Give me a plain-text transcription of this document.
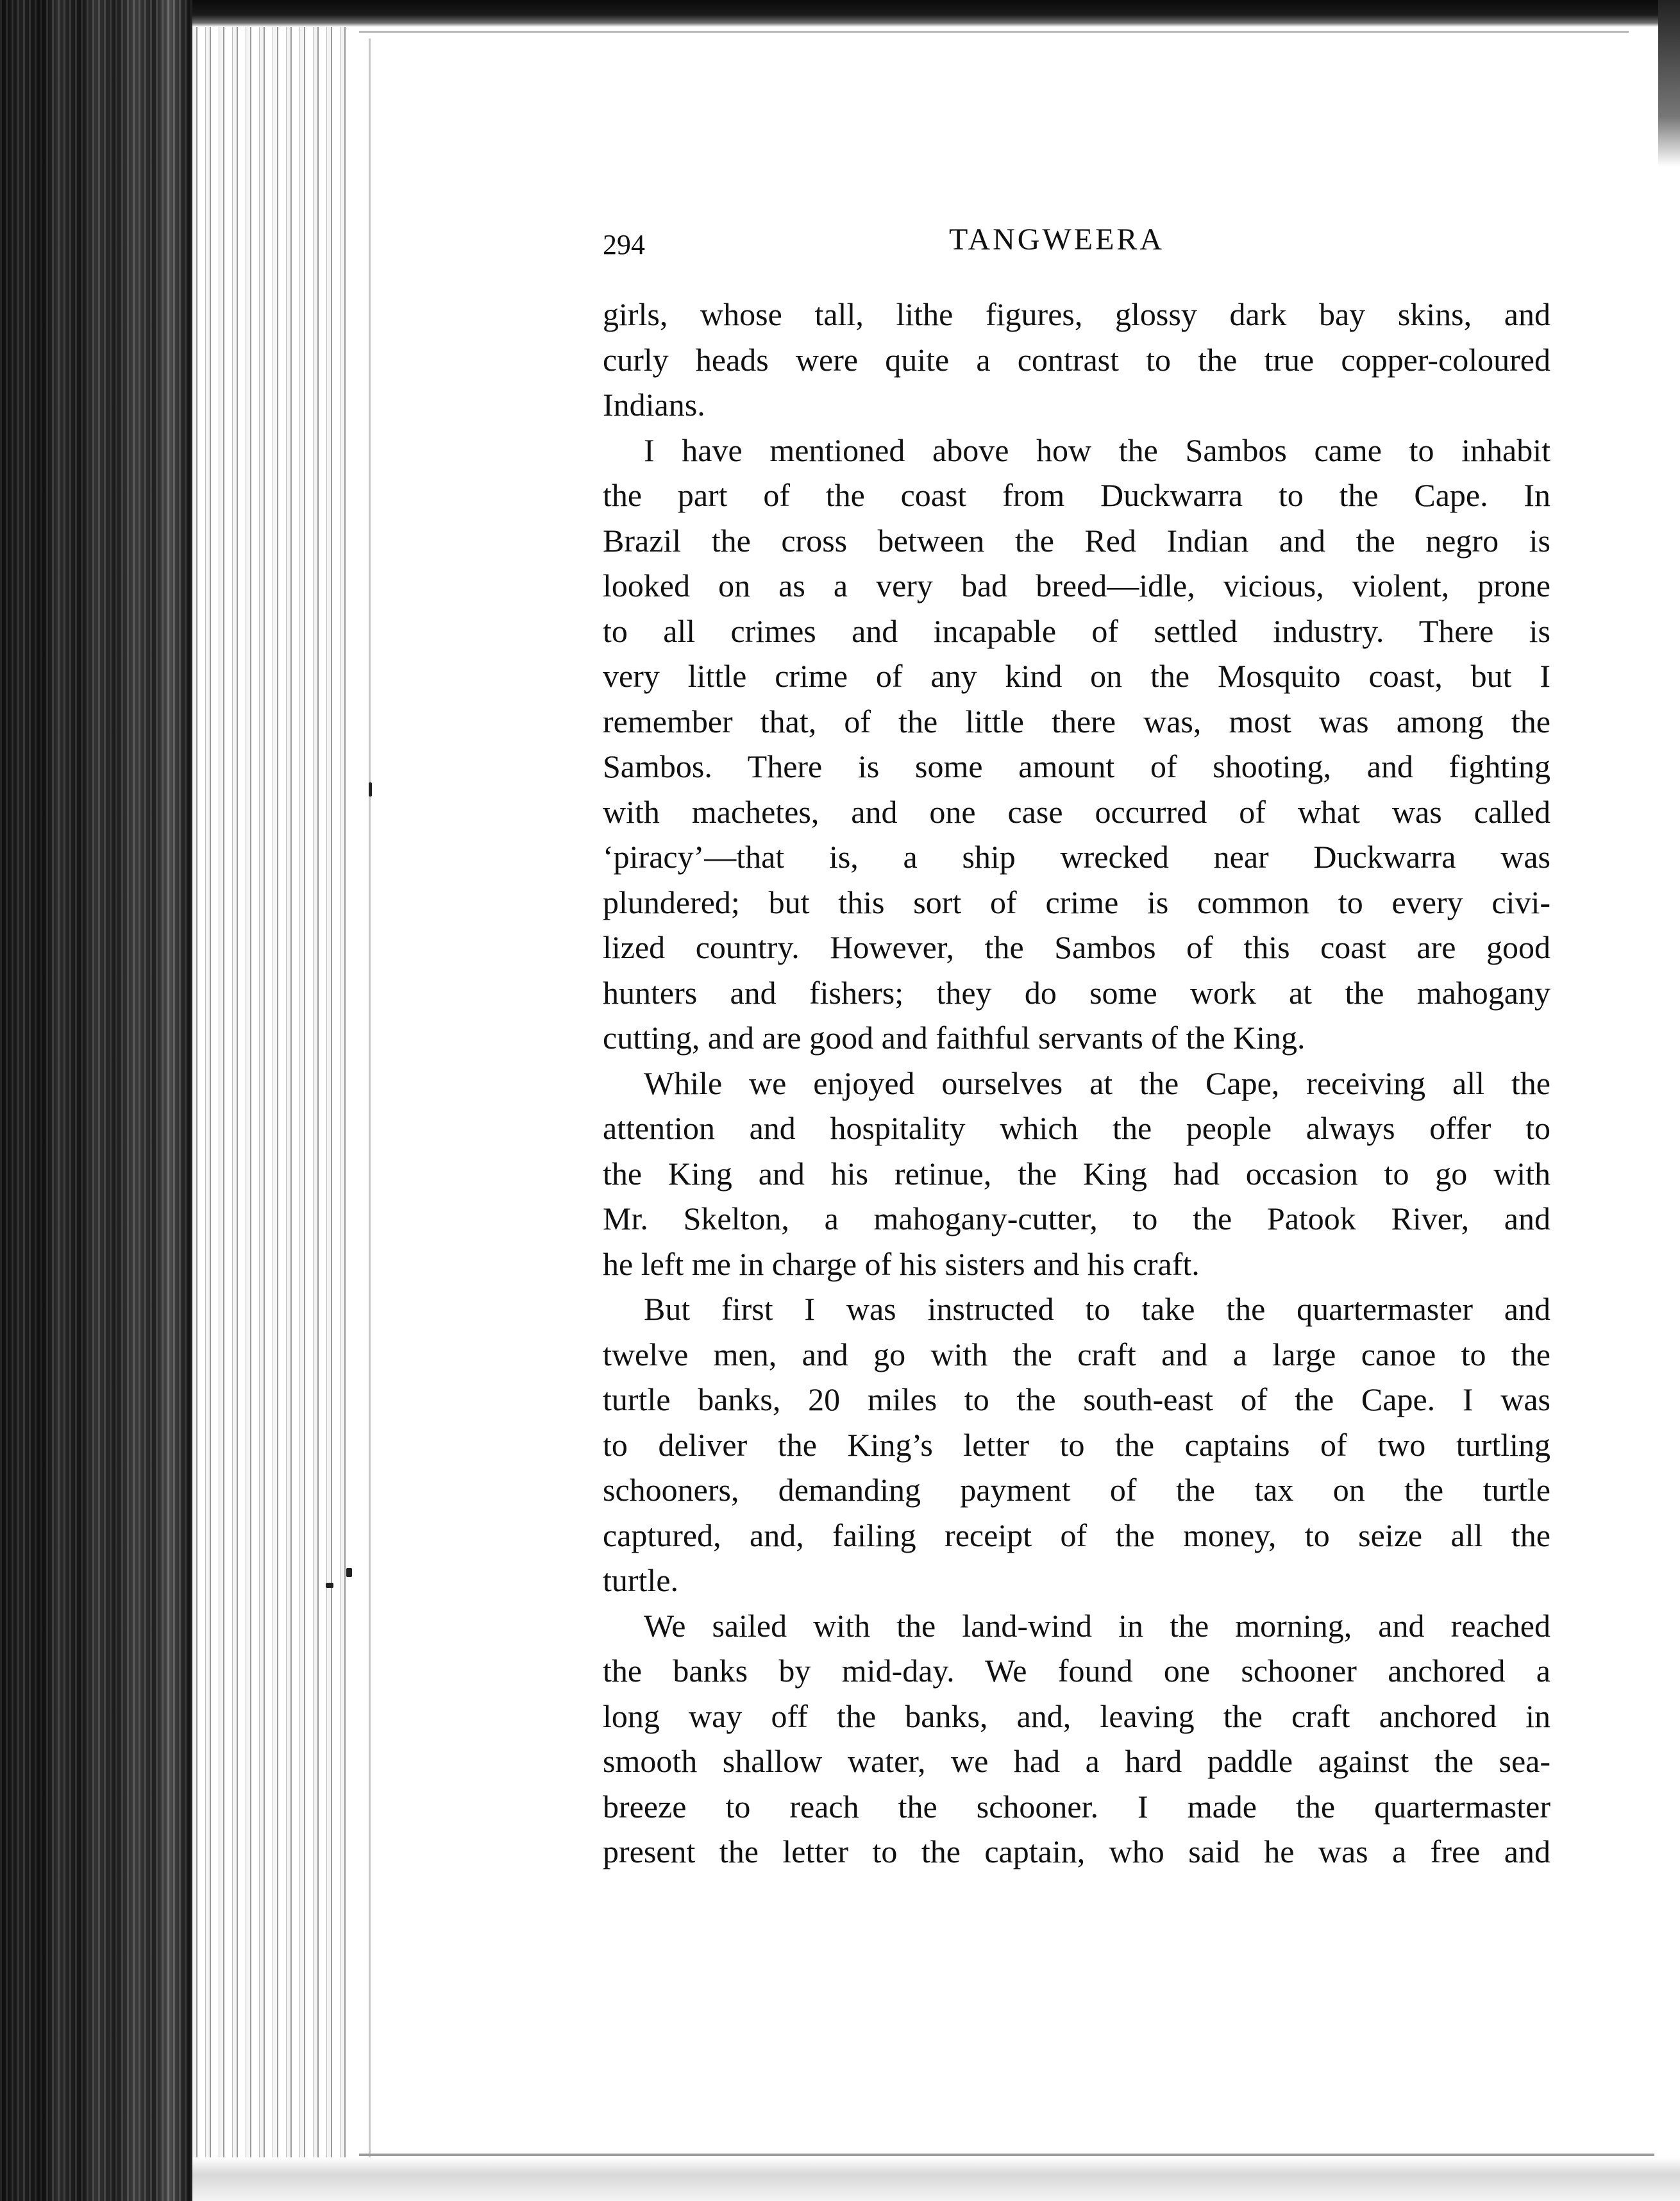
294	TANGWEERA
girls, whose tall, lithe figures, glossy dark bay skins, and
curly heads were quite a contrast to the true copper-coloured
Indians.
I have mentioned above how the Sambos came to inhabit
the part of the coast from Duckwarra to the Cape. In
Brazil the cross between the Red Indian and the negro is
looked on as a very bad breed—idle, vicious, violent, prone
to all crimes and incapable of settled industry. There is
very little crime of any kind on the Mosquito coast, but I
remember that, of the little there was, most was among the
Sambos. There is some amount of shooting, and fighting
with machetes, and one case occurred of what was called
‘piracy’—that is, a ship wrecked near Duckwarra was
plundered; but this sort of crime is common to every civi-
lized country. However, the Sambos of this coast are good
hunters and fishers; they do some work at the mahogany
cutting, and are good and faithful servants of the King.
While we enjoyed ourselves at the Cape, receiving all the
attention and hospitality which the people always offer to
the King and his retinue, the King had occasion to go with
Mr. Skelton, a mahogany-cutter, to the Patook River, and
he left me in charge of his sisters and his craft.
But first I was instructed to take the quartermaster and
twelve men, and go with the craft and a large canoe to the
turtle banks, 20 miles to the south-east of the Cape. I was
to deliver the King’s letter to the captains of two turtling
schooners, demanding payment of the tax on the turtle
captured, and, failing receipt of the money, to seize all the
turtle.
We sailed with the land-wind in the morning, and reached
the banks by mid-day. We found one schooner anchored a
long way off the banks, and, leaving the craft anchored in
smooth shallow water, we had a hard paddle against the sea-
breeze to reach the schooner. I made the quartermaster
present the letter to the captain, who said he was a free and
